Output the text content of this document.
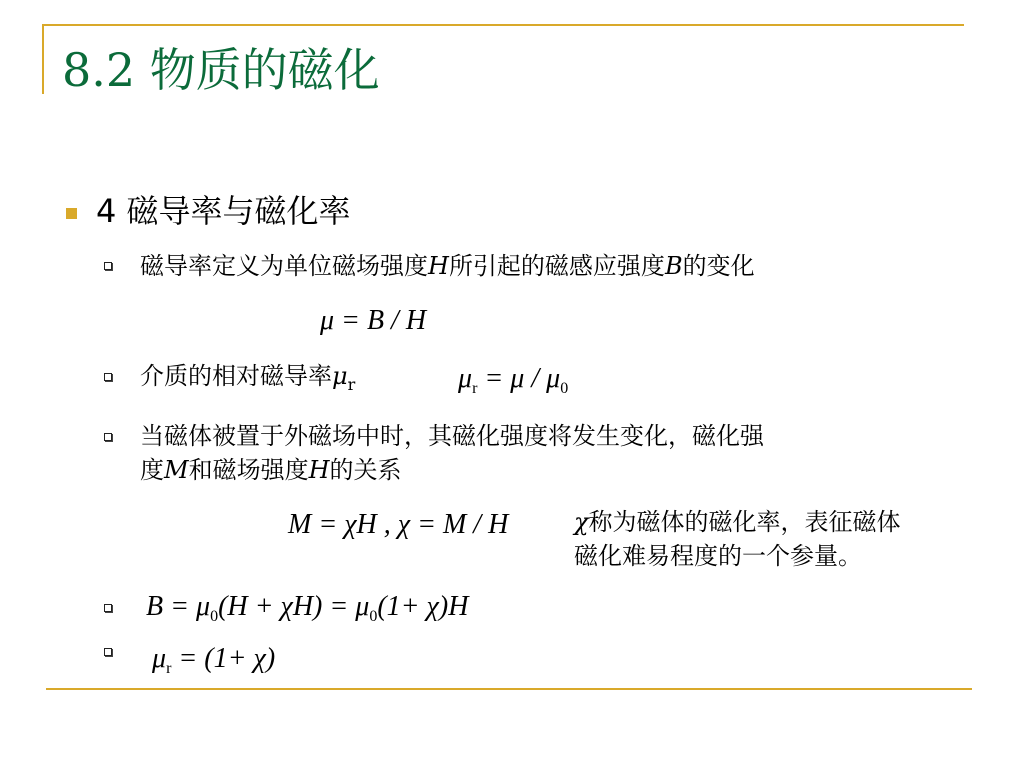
8.2 物质的磁化
4 磁导率与磁化率
磁导率定义为单位磁场强度H所引起的磁感应强度B的变化
μ = B / H
介质的相对磁导率$\mu_r$	$\mu_r = \mu / \mu_0$
当磁体被置于外磁场中时，其磁化强度将发生变化，磁化强
度M和磁场强度H的关系
M = χH , χ = M / H	χ称为磁体的磁化率，表征磁体
磁化难易程度的一个参量。
$B = \mu_0(H + \chi H) = \mu_0(1+ \chi)H$
$\mu_r = (1+ \chi)$
